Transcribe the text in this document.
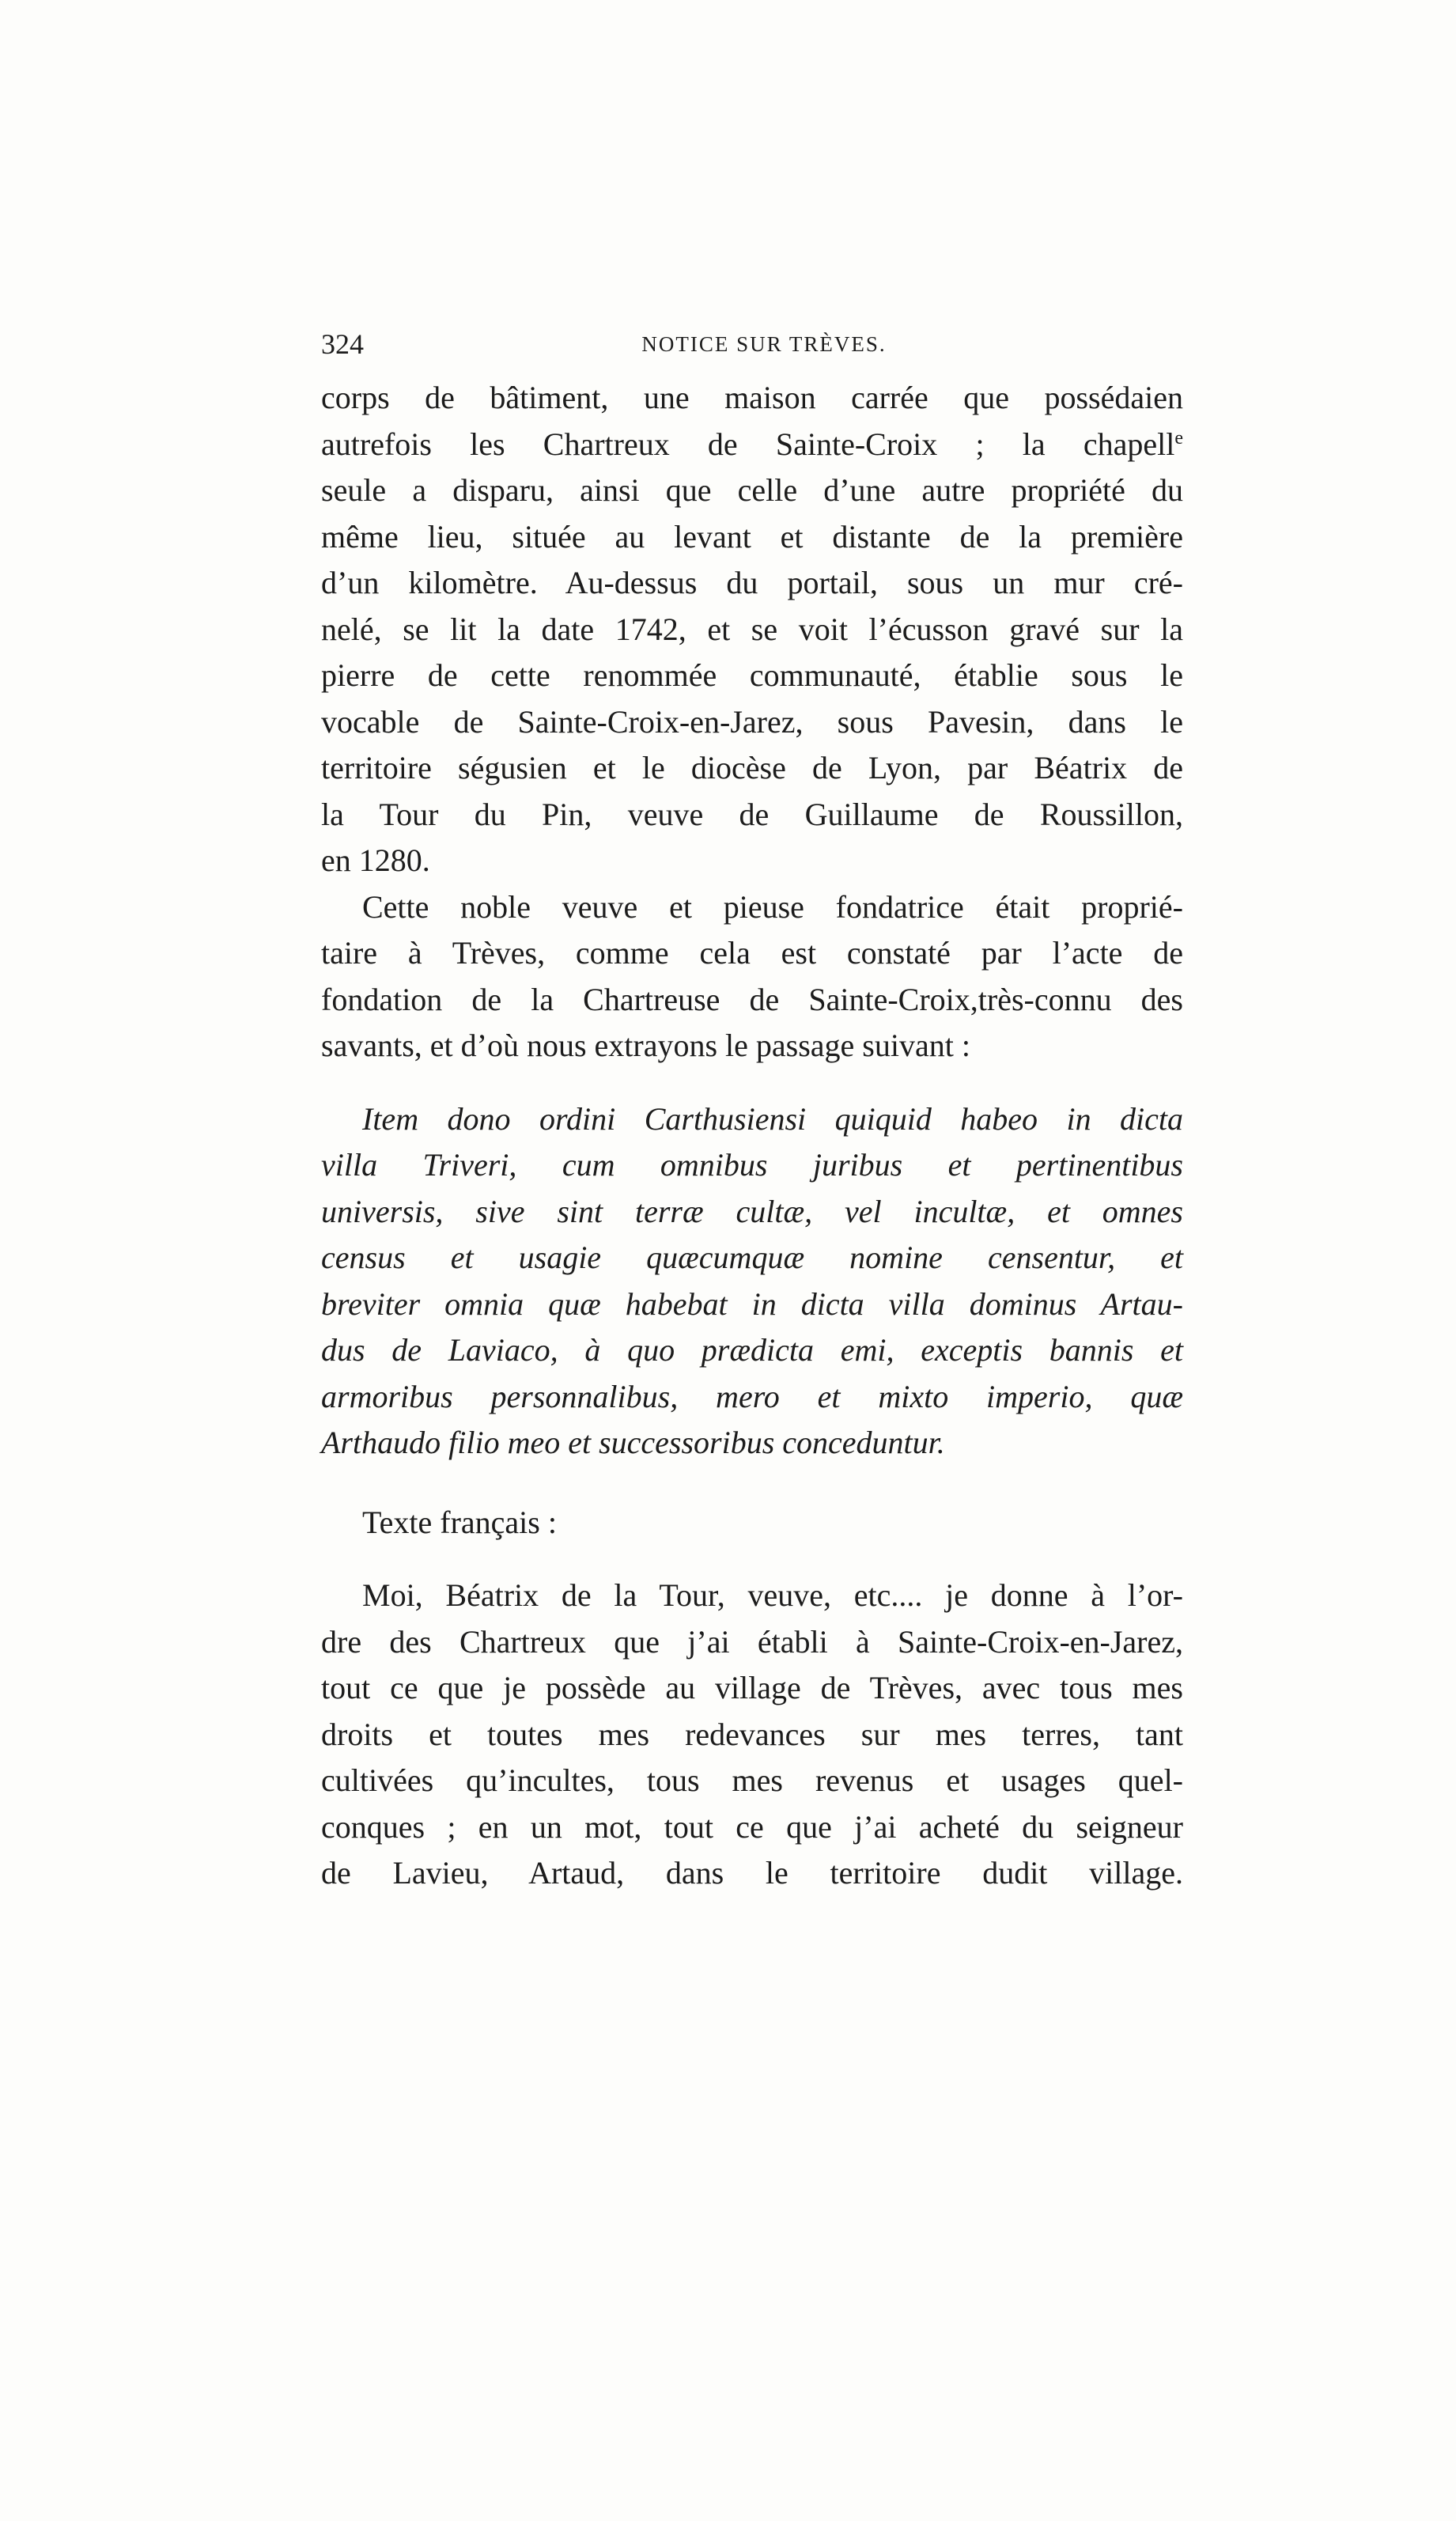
324	NOTICE SUR TRÈVES.
corps de bâtiment, une maison carrée que possédaien
autrefois les Chartreux de Sainte-Croix ; la chapell$^e$
seule a disparu, ainsi que celle d’une autre propriété du
même lieu, située au levant et distante de la première
d’un kilomètre. Au-dessus du portail, sous un mur cré-
nelé, se lit la date 1742, et se voit l’écusson gravé sur la
pierre de cette renommée communauté, établie sous le
vocable de Sainte-Croix-en-Jarez, sous Pavesin, dans le
territoire ségusien et le diocèse de Lyon, par Béatrix de
la Tour du Pin, veuve de Guillaume de Roussillon,
en 1280.
Cette noble veuve et pieuse fondatrice était proprié-
taire à Trèves, comme cela est constaté par l’acte de
fondation de la Chartreuse de Sainte-Croix,très-connu des
savants, et d’où nous extrayons le passage suivant :
Item dono ordini Carthusiensi quiquid habeo in dicta
villa Triveri, cum omnibus juribus et pertinentibus
universis, sive sint terræ cultæ, vel incultæ, et omnes
census et usagie quæcumquæ nomine censentur, et
breviter omnia quæ habebat in dicta villa dominus Artau-
dus de Laviaco, à quo prædicta emi, exceptis bannis et
armoribus personnalibus, mero et mixto imperio, quæ
Arthaudo filio meo et successoribus conceduntur.
Texte français :
Moi, Béatrix de la Tour, veuve, etc.... je donne à l’or-
dre des Chartreux que j’ai établi à Sainte-Croix-en-Jarez,
tout ce que je possède au village de Trèves, avec tous mes
droits et toutes mes redevances sur mes terres, tant
cultivées qu’incultes, tous mes revenus et usages quel-
conques ; en un mot, tout ce que j’ai acheté du seigneur
de Lavieu, Artaud, dans le territoire dudit village.
